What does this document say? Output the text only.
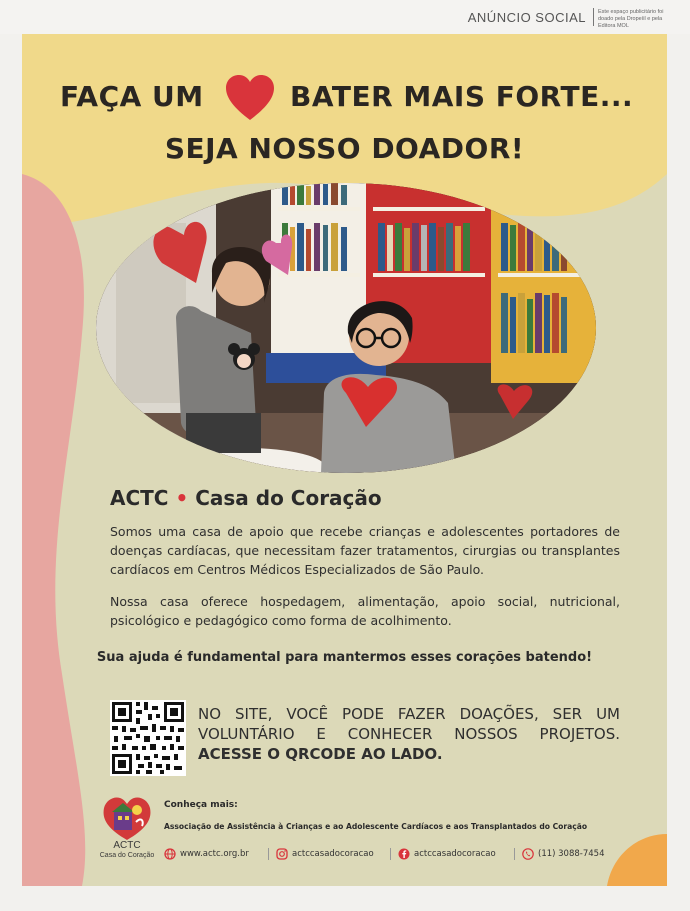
ANÚNCIO SOCIAL Este espaço publicitário foi doado pela Dropeíil e pela Editora MOL
FAÇA UM	BATER MAIS FORTE...
SEJA NOSSO DOADOR!
ACTC • Casa do Coração
Somos uma casa de apoio que recebe crianças e adolescentes portadores de doenças cardíacas, que necessitam fazer tratamentos, cirurgias ou transplantes cardíacos em Centros Médicos Especializados de São Paulo.
Nossa casa oferece hospedagem, alimentação, apoio social, nutricional, psicológico e pedagógico como forma de acolhimento.
Sua ajuda é fundamental para mantermos esses corações batendo!
NO SITE, VOCÊ PODE FAZER DOAÇÕES, SER UM VOLUNTÁRIO E CONHECER NOSSOS PROJETOS. ACESSE O QRCODE AO LADO.
ACTC
Casa do Coração
Conheça mais:
Associação de Assistência à Crianças e ao Adolescente Cardíacos e aos Transplantados do Coração
www.actc.org.br	actccasadocoracao	actccasadocoracao	(11) 3088-7454
